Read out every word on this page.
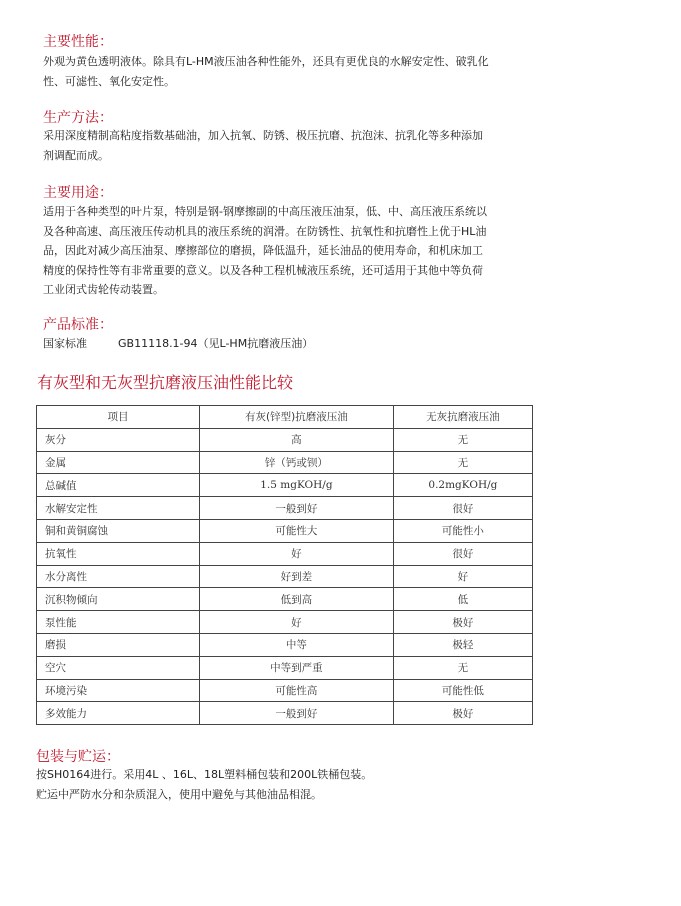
主要性能：

外观为黄色透明液体。除具有L-HM液压油各种性能外，还具有更优良的水解安定性、破乳化性、可滤性、氧化安定性。

生产方法：

采用深度精制高粘度指数基础油，加入抗氧、防锈、极压抗磨、抗泡沫、抗乳化等多种添加剂调配而成。

主要用途：

适用于各种类型的叶片泵，特别是钢-钢摩擦副的中高压液压油泵，低、中、高压液压系统以及各种高速、高压液压传动机具的液压系统的润滑。在防锈性、抗氧性和抗磨性上优于HL油品，因此对减少高压油泵、摩擦部位的磨损，降低温升，延长油品的使用寿命，和机床加工精度的保持性等有非常重要的意义。以及各种工程机械液压系统，还可适用于其他中等负荷工业闭式齿轮传动装置。

产品标准：
国家标准	GB11118.1-94（见L-HM抗磨液压油）
有灰型和无灰型抗磨液压油性能比较
项目	有灰(锌型)抗磨液压油	无灰抗磨液压油
灰分	高	无
金属	锌（钙或钡）	无
总碱值	1.5 mgKOH/g	0.2mgKOH/g
水解安定性	一般到好	很好
铜和黄铜腐蚀	可能性大	可能性小
抗氧性	好	很好
水分离性	好到差	好
沉积物倾向	低到高	低
泵性能	好	极好
磨损	中等	极轻
空穴	中等到严重	无
环境污染	可能性高	可能性低
多效能力	一般到好	极好
包装与贮运：

按SH0164进行。采用4L 、16L、18L塑料桶包装和200L铁桶包装。

贮运中严防水分和杂质混入，使用中避免与其他油品相混。
